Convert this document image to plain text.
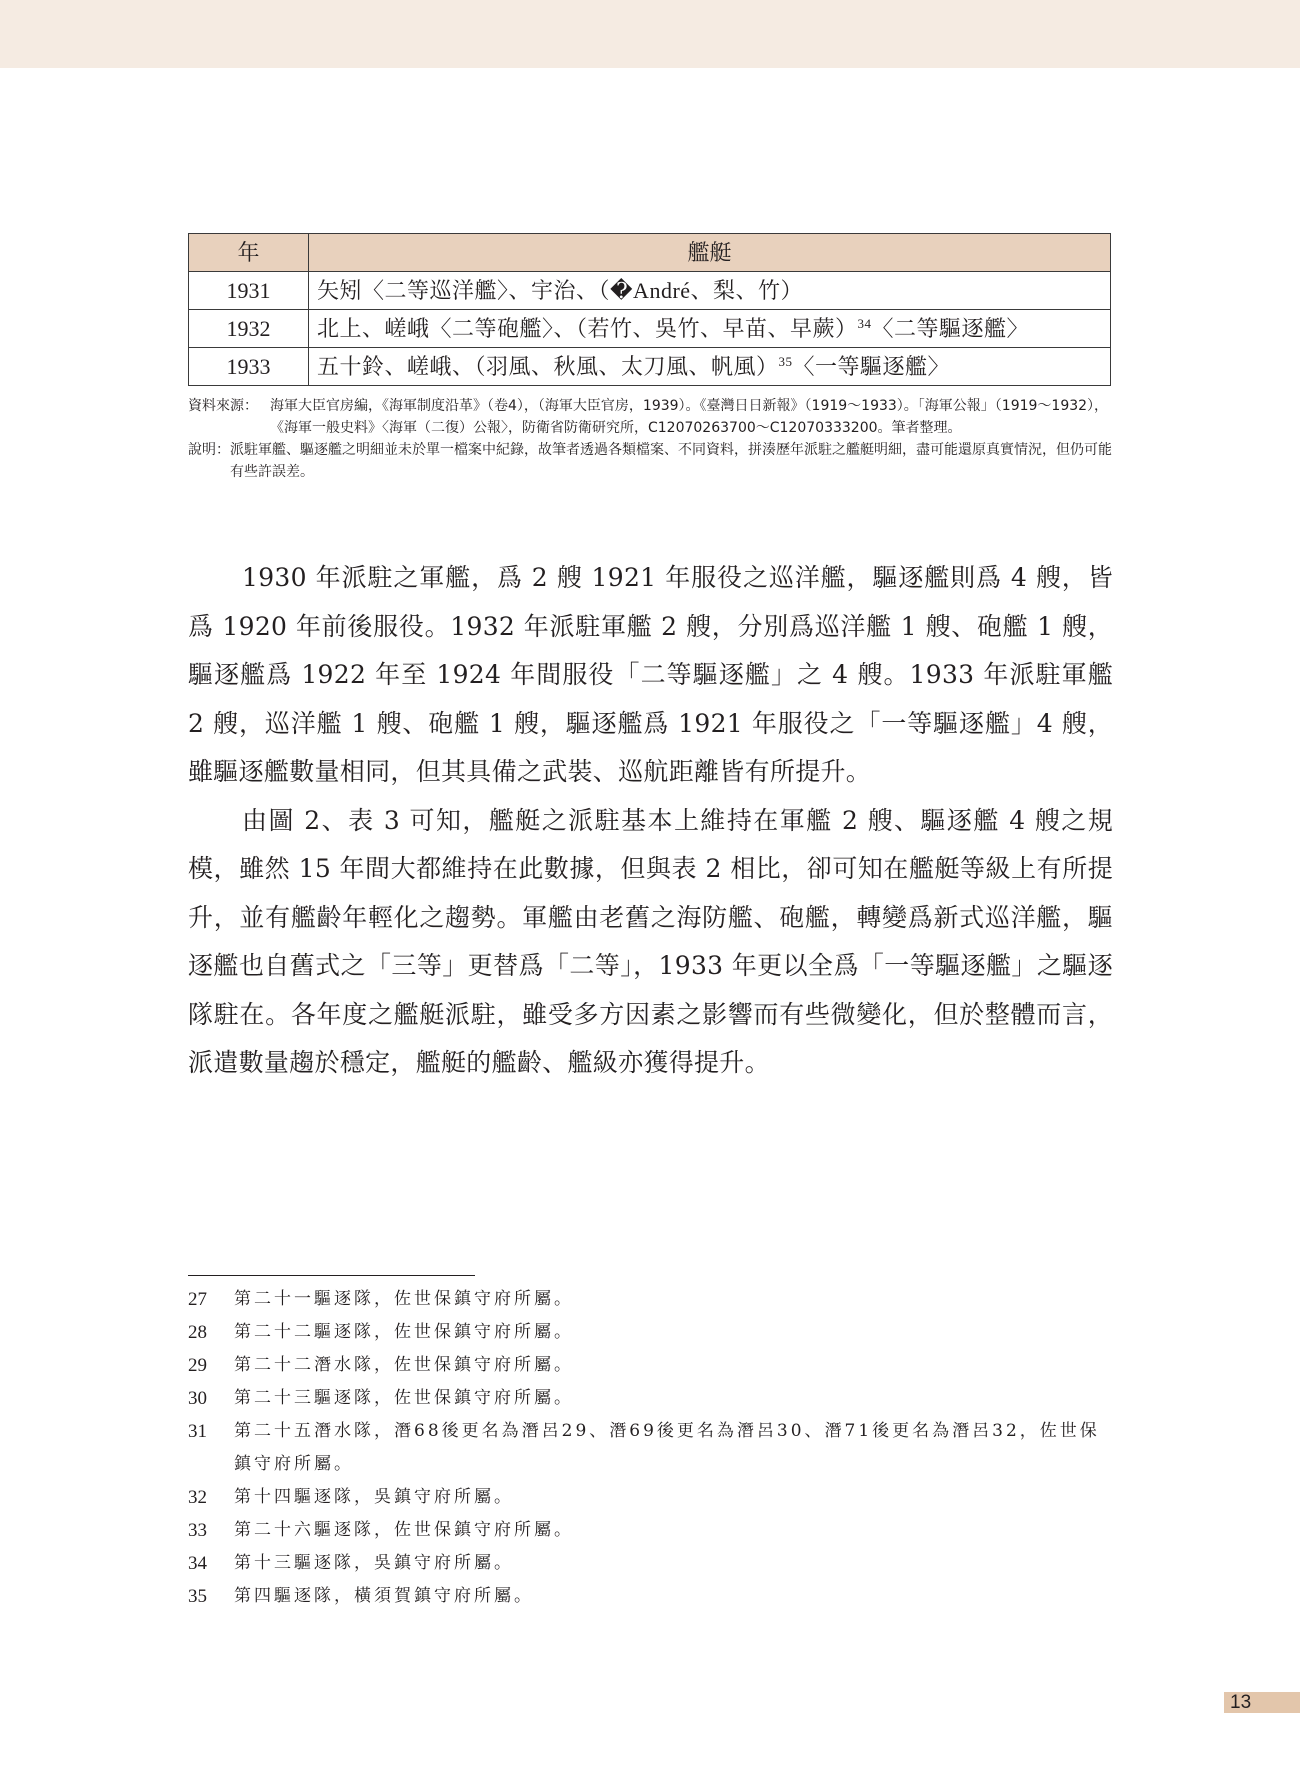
年	艦艇
1931	矢矧〈二等巡洋艦〉、宇治、（�André、梨、竹）
1932	北上、嵯峨〈二等砲艦〉、（若竹、吳竹、早苗、早蕨）$^{34}$〈二等驅逐艦〉
1933	五十鈴、嵯峨、（羽風、秋風、太刀風、帆風）$^{35}$〈一等驅逐艦〉
資料來源： 海軍大臣官房編，《海軍制度沿革》（卷4），（海軍大臣官房，1939）。《臺灣日日新報》（1919～1933）。「海軍公報」（1919～1932），《海軍一般史料》〈海軍（二復）公報〉，防衛省防衛研究所，C12070263700～C12070333200。筆者整理。
說明： 派駐軍艦、驅逐艦之明細並未於單一檔案中紀錄，故筆者透過各類檔案、不同資料，拼湊歷年派駐之艦艇明細，盡可能還原真實情況，但仍可能有些許誤差。

1930 年派駐之軍艦，爲 2 艘 1921 年服役之巡洋艦，驅逐艦則爲 4 艘，皆爲 1920 年前後服役。1932 年派駐軍艦 2 艘，分別爲巡洋艦 1 艘、砲艦 1 艘，驅逐艦爲 1922 年至 1924 年間服役「二等驅逐艦」之 4 艘。1933 年派駐軍艦 2 艘，巡洋艦 1 艘、砲艦 1 艘，驅逐艦爲 1921 年服役之「一等驅逐艦」4 艘，雖驅逐艦數量相同，但其具備之武裝、巡航距離皆有所提升。

由圖 2、表 3 可知，艦艇之派駐基本上維持在軍艦 2 艘、驅逐艦 4 艘之規模，雖然 15 年間大都維持在此數據，但與表 2 相比，卻可知在艦艇等級上有所提升，並有艦齡年輕化之趨勢。軍艦由老舊之海防艦、砲艦，轉變爲新式巡洋艦，驅逐艦也自舊式之「三等」更替爲「二等」，1933 年更以全爲「一等驅逐艦」之驅逐隊駐在。各年度之艦艇派駐，雖受多方因素之影響而有些微變化，但於整體而言，派遣數量趨於穩定，艦艇的艦齡、艦級亦獲得提升。

27 第二十一驅逐隊，佐世保鎮守府所屬。
28 第二十二驅逐隊，佐世保鎮守府所屬。
29 第二十二潛水隊，佐世保鎮守府所屬。
30 第二十三驅逐隊，佐世保鎮守府所屬。
31 第二十五潛水隊，潛68後更名為潛呂29、潛69後更名為潛呂30、潛71後更名為潛呂32，佐世保鎮守府所屬。
32 第十四驅逐隊，吳鎮守府所屬。
33 第二十六驅逐隊，佐世保鎮守府所屬。
34 第十三驅逐隊，吳鎮守府所屬。
35 第四驅逐隊，橫須賀鎮守府所屬。
13
